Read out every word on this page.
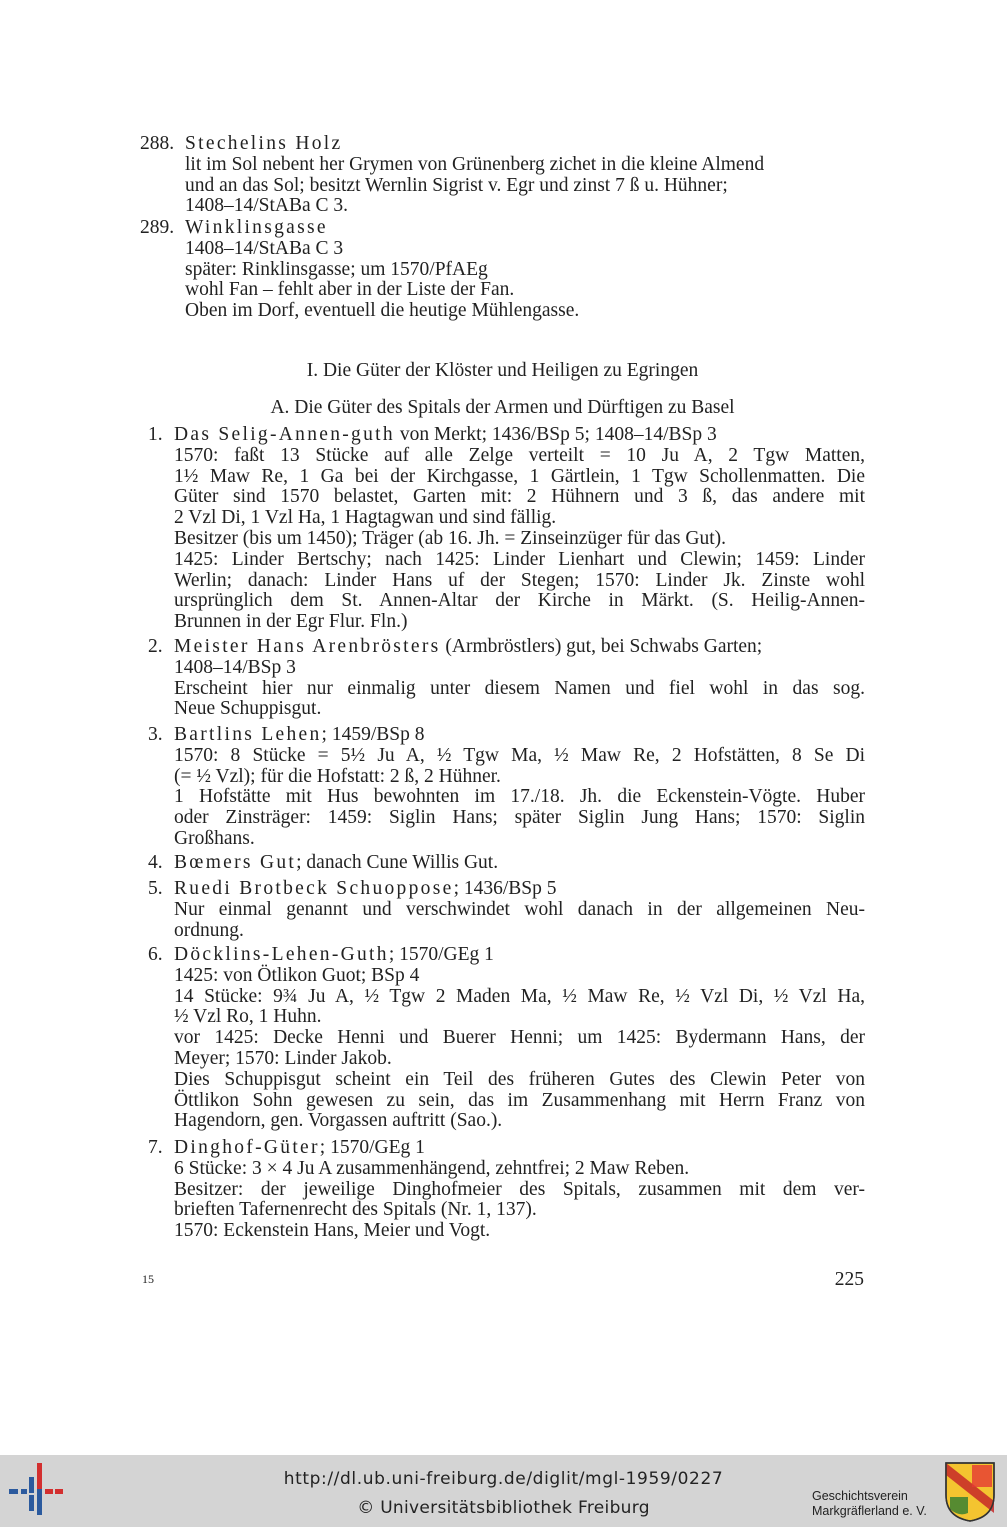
288. Stechelins Holz
lit im Sol nebent her Grymen von Grünenberg zichet in die kleine Almend
und an das Sol; besitzt Wernlin Sigrist v. Egr und zinst 7 ß u. Hühner;
1408–14/StABa C 3.
289. Winklinsgasse
1408–14/StABa C 3
später: Rinklinsgasse; um 1570/PfAEg
wohl Fan – fehlt aber in der Liste der Fan.
Oben im Dorf, eventuell die heutige Mühlengasse.
I. Die Güter der Klöster und Heiligen zu Egringen
A. Die Güter des Spitals der Armen und Dürftigen zu Basel
1. Das Selig-Annen-guth von Merkt; 1436/BSp 5; 1408–14/BSp 3
1570: faßt 13 Stücke auf alle Zelge verteilt = 10 Ju A, 2 Tgw Matten,
1½ Maw Re, 1 Ga bei der Kirchgasse, 1 Gärtlein, 1 Tgw Schollenmatten. Die
Güter sind 1570 belastet, Garten mit: 2 Hühnern und 3 ß, das andere mit
2 Vzl Di, 1 Vzl Ha, 1 Hagtagwan und sind fällig.
Besitzer (bis um 1450); Träger (ab 16. Jh. = Zinseinzüger für das Gut).
1425: Linder Bertschy; nach 1425: Linder Lienhart und Clewin; 1459: Linder
Werlin; danach: Linder Hans uf der Stegen; 1570: Linder Jk. Zinste wohl
ursprünglich dem St. Annen-Altar der Kirche in Märkt. (S. Heilig-Annen-
Brunnen in der Egr Flur. Fln.)
2. Meister Hans Arenbrösters (Armbröstlers) gut, bei Schwabs Garten;
1408–14/BSp 3
Erscheint hier nur einmalig unter diesem Namen und fiel wohl in das sog.
Neue Schuppisgut.
3. Bartlins Lehen; 1459/BSp 8
1570: 8 Stücke = 5½ Ju A, ½ Tgw Ma, ½ Maw Re, 2 Hofstätten, 8 Se Di
(= ½ Vzl); für die Hofstatt: 2 ß, 2 Hühner.
1 Hofstätte mit Hus bewohnten im 17./18. Jh. die Eckenstein-Vögte. Huber
oder Zinsträger: 1459: Siglin Hans; später Siglin Jung Hans; 1570: Siglin
Großhans.
4. Bœmers Gut; danach Cune Willis Gut.
5. Ruedi Brotbeck Schuoppose; 1436/BSp 5
Nur einmal genannt und verschwindet wohl danach in der allgemeinen Neu-
ordnung.
6. Döcklins-Lehen-Guth; 1570/GEg 1
1425: von Ötlikon Guot; BSp 4
14 Stücke: 9¾ Ju A, ½ Tgw 2 Maden Ma, ½ Maw Re, ½ Vzl Di, ½ Vzl Ha,
½ Vzl Ro, 1 Huhn.
vor 1425: Decke Henni und Buerer Henni; um 1425: Bydermann Hans, der
Meyer; 1570: Linder Jakob.
Dies Schuppisgut scheint ein Teil des früheren Gutes des Clewin Peter von
Öttlikon Sohn gewesen zu sein, das im Zusammenhang mit Herrn Franz von
Hagendorn, gen. Vorgassen auftritt (Sao.).
7. Dinghof-Güter; 1570/GEg 1
6 Stücke: 3 × 4 Ju A zusammenhängend, zehntfrei; 2 Maw Reben.
Besitzer: der jeweilige Dinghofmeier des Spitals, zusammen mit dem ver-
brieften Tafernenrecht des Spitals (Nr. 1, 137).
1570: Eckenstein Hans, Meier und Vogt.
15	225
http://dl.ub.uni-freiburg.de/diglit/mgl-1959/0227
© Universitätsbibliothek Freiburg
Geschichtsverein
Markgräflerland e. V.
